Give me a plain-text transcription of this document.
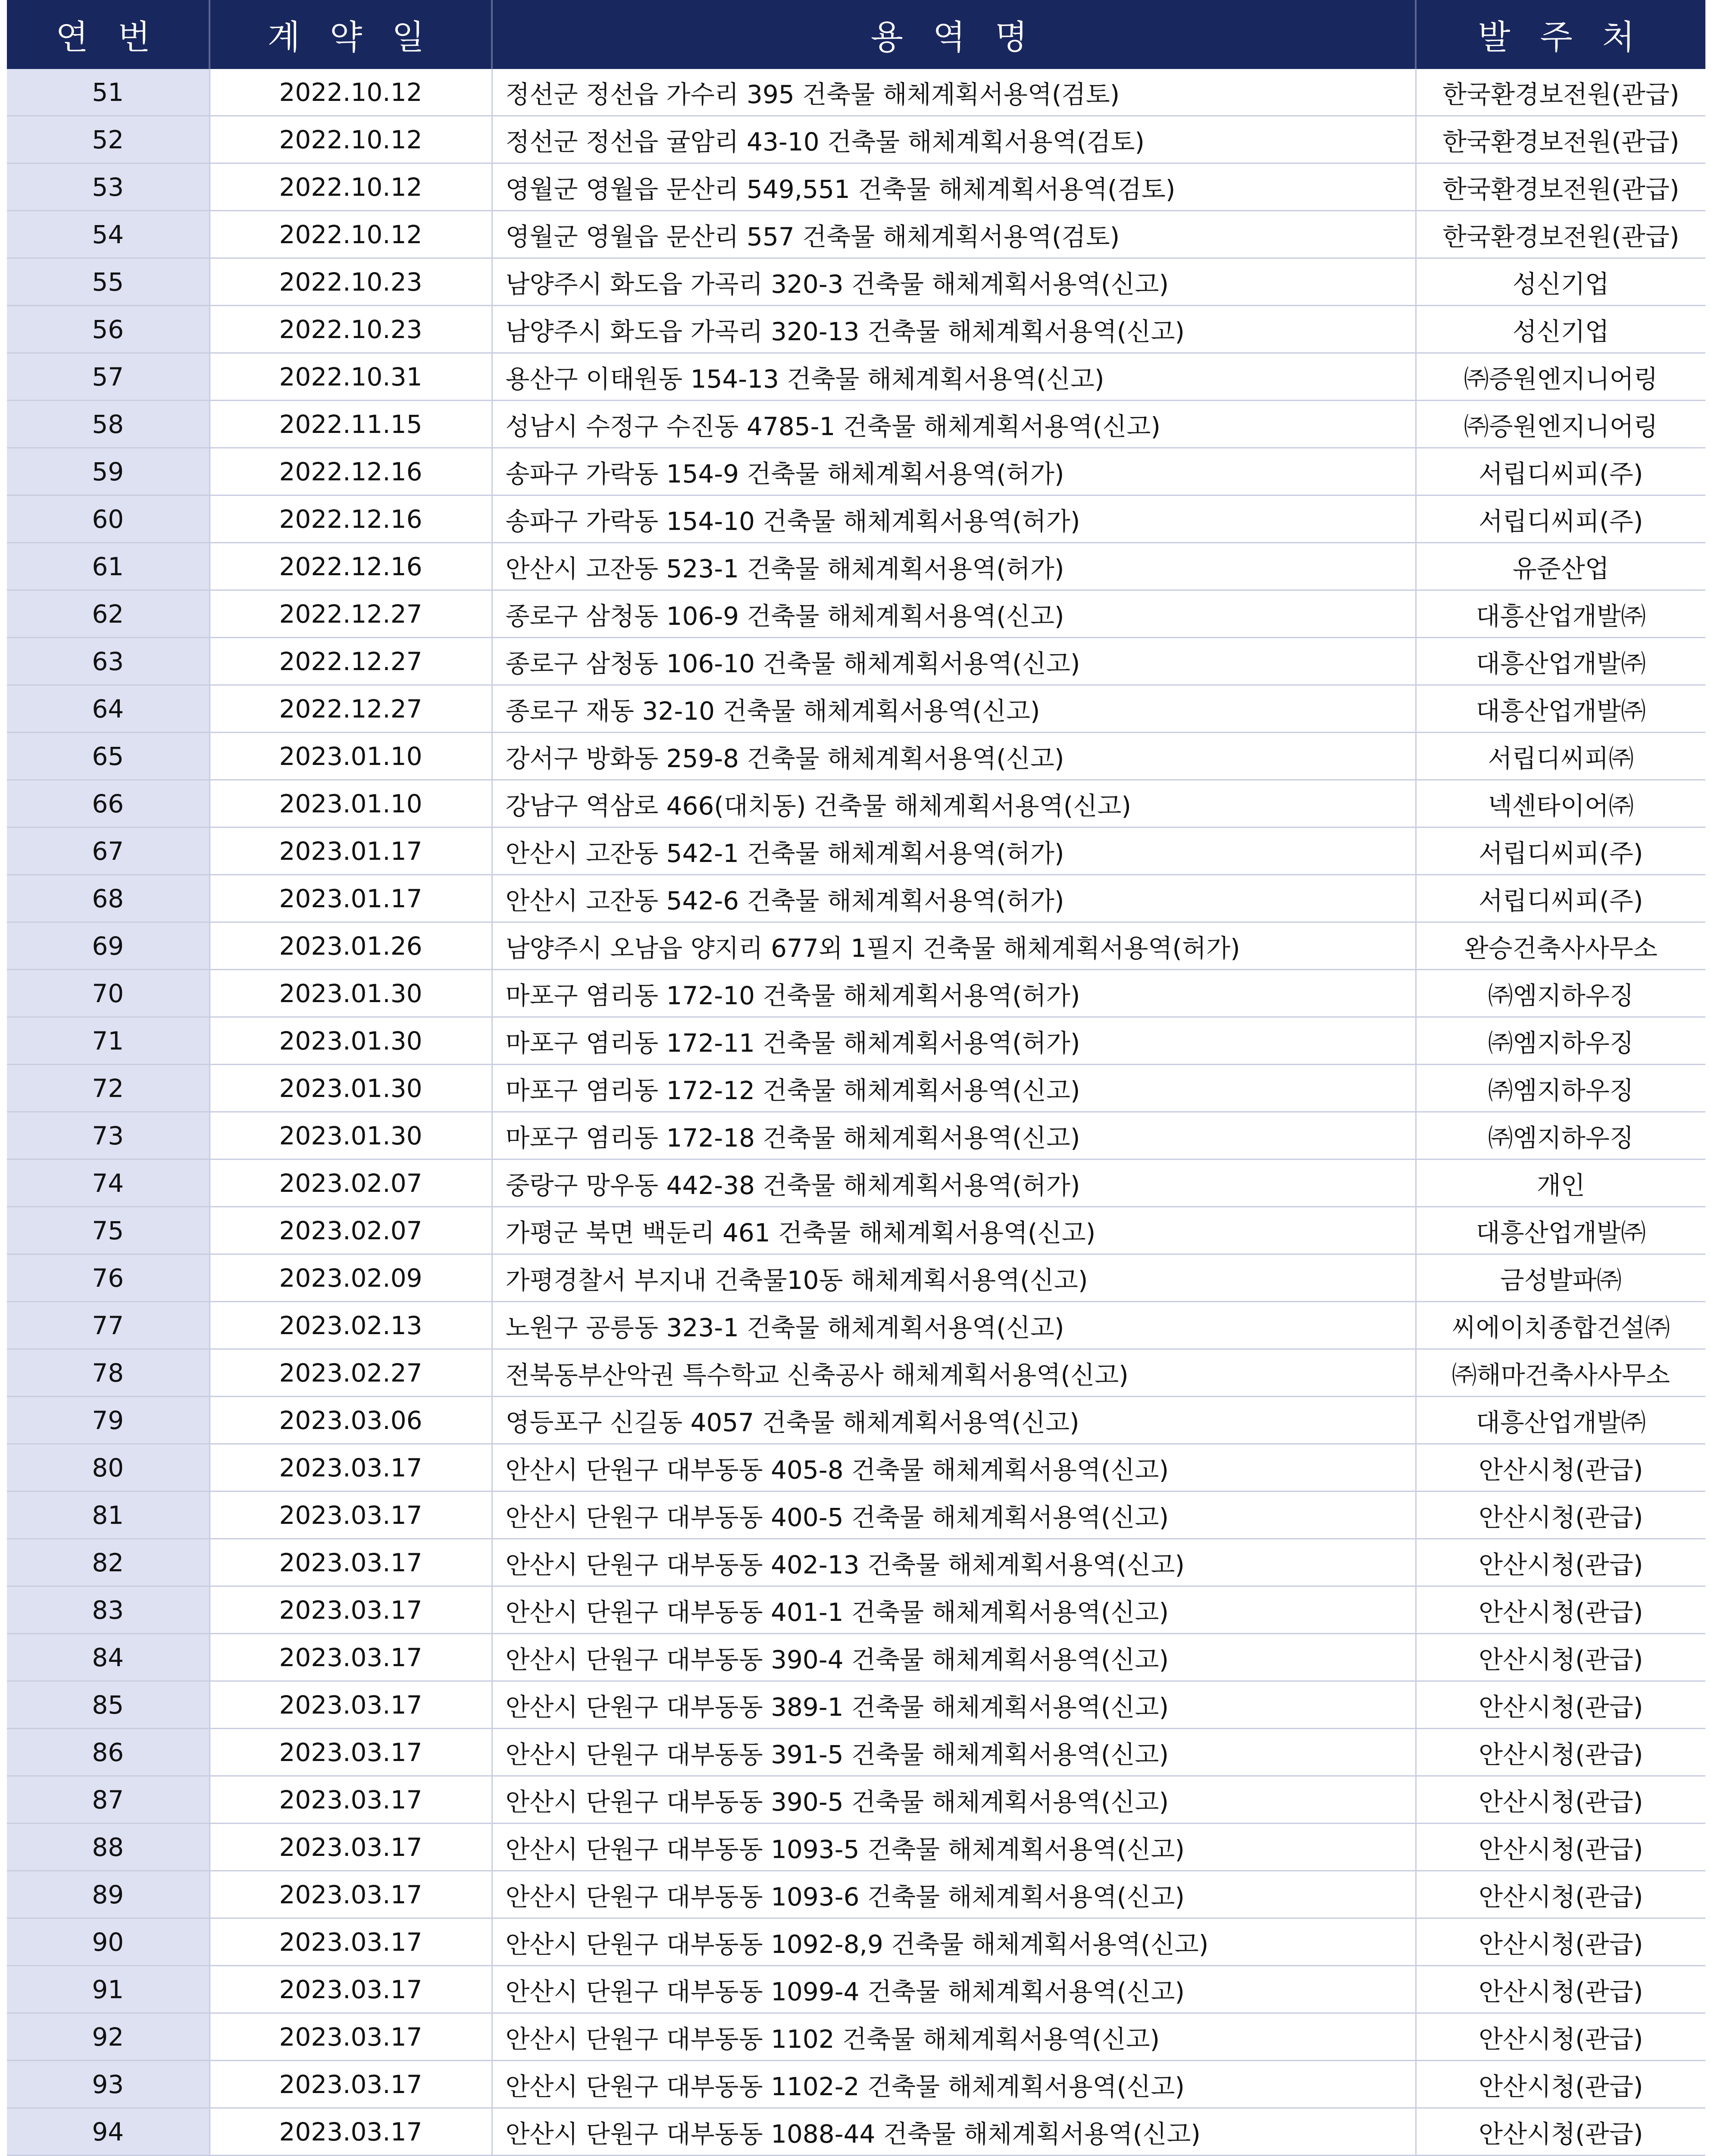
연 번	계 약 일	용 역 명	발 주 처
51	2022.10.12	정선군 정선읍 가수리 395 건축물 해체계획서용역(검토)	한국환경보전원(관급)
52	2022.10.12	정선군 정선읍 귤암리 43-10 건축물 해체계획서용역(검토)	한국환경보전원(관급)
53	2022.10.12	영월군 영월읍 문산리 549,551 건축물 해체계획서용역(검토)	한국환경보전원(관급)
54	2022.10.12	영월군 영월읍 문산리 557 건축물 해체계획서용역(검토)	한국환경보전원(관급)
55	2022.10.23	남양주시 화도읍 가곡리 320-3 건축물 해체계획서용역(신고)	성신기업
56	2022.10.23	남양주시 화도읍 가곡리 320-13 건축물 해체계획서용역(신고)	성신기업
57	2022.10.31	용산구 이태원동 154-13 건축물 해체계획서용역(신고)	㈜증원엔지니어링
58	2022.11.15	성남시 수정구 수진동 4785-1 건축물 해체계획서용역(신고)	㈜증원엔지니어링
59	2022.12.16	송파구 가락동 154-9 건축물 해체계획서용역(허가)	서립디씨피(주)
60	2022.12.16	송파구 가락동 154-10 건축물 해체계획서용역(허가)	서립디씨피(주)
61	2022.12.16	안산시 고잔동 523-1 건축물 해체계획서용역(허가)	유준산업
62	2022.12.27	종로구 삼청동 106-9 건축물 해체계획서용역(신고)	대흥산업개발㈜
63	2022.12.27	종로구 삼청동 106-10 건축물 해체계획서용역(신고)	대흥산업개발㈜
64	2022.12.27	종로구 재동 32-10 건축물 해체계획서용역(신고)	대흥산업개발㈜
65	2023.01.10	강서구 방화동 259-8 건축물 해체계획서용역(신고)	서립디씨피㈜
66	2023.01.10	강남구 역삼로 466(대치동) 건축물 해체계획서용역(신고)	넥센타이어㈜
67	2023.01.17	안산시 고잔동 542-1 건축물 해체계획서용역(허가)	서립디씨피(주)
68	2023.01.17	안산시 고잔동 542-6 건축물 해체계획서용역(허가)	서립디씨피(주)
69	2023.01.26	남양주시 오남읍 양지리 677외 1필지 건축물 해체계획서용역(허가)	완승건축사사무소
70	2023.01.30	마포구 염리동 172-10 건축물 해체계획서용역(허가)	㈜엠지하우징
71	2023.01.30	마포구 염리동 172-11 건축물 해체계획서용역(허가)	㈜엠지하우징
72	2023.01.30	마포구 염리동 172-12 건축물 해체계획서용역(신고)	㈜엠지하우징
73	2023.01.30	마포구 염리동 172-18 건축물 해체계획서용역(신고)	㈜엠지하우징
74	2023.02.07	중랑구 망우동 442-38 건축물 해체계획서용역(허가)	개인
75	2023.02.07	가평군 북면 백둔리 461 건축물 해체계획서용역(신고)	대흥산업개발㈜
76	2023.02.09	가평경찰서 부지내 건축물10동 해체계획서용역(신고)	금성발파㈜
77	2023.02.13	노원구 공릉동 323-1 건축물 해체계획서용역(신고)	씨에이치종합건설㈜
78	2023.02.27	전북동부산악권 특수학교 신축공사 해체계획서용역(신고)	㈜해마건축사사무소
79	2023.03.06	영등포구 신길동 4057 건축물 해체계획서용역(신고)	대흥산업개발㈜
80	2023.03.17	안산시 단원구 대부동동 405-8 건축물 해체계획서용역(신고)	안산시청(관급)
81	2023.03.17	안산시 단원구 대부동동 400-5 건축물 해체계획서용역(신고)	안산시청(관급)
82	2023.03.17	안산시 단원구 대부동동 402-13 건축물 해체계획서용역(신고)	안산시청(관급)
83	2023.03.17	안산시 단원구 대부동동 401-1 건축물 해체계획서용역(신고)	안산시청(관급)
84	2023.03.17	안산시 단원구 대부동동 390-4 건축물 해체계획서용역(신고)	안산시청(관급)
85	2023.03.17	안산시 단원구 대부동동 389-1 건축물 해체계획서용역(신고)	안산시청(관급)
86	2023.03.17	안산시 단원구 대부동동 391-5 건축물 해체계획서용역(신고)	안산시청(관급)
87	2023.03.17	안산시 단원구 대부동동 390-5 건축물 해체계획서용역(신고)	안산시청(관급)
88	2023.03.17	안산시 단원구 대부동동 1093-5 건축물 해체계획서용역(신고)	안산시청(관급)
89	2023.03.17	안산시 단원구 대부동동 1093-6 건축물 해체계획서용역(신고)	안산시청(관급)
90	2023.03.17	안산시 단원구 대부동동 1092-8,9 건축물 해체계획서용역(신고)	안산시청(관급)
91	2023.03.17	안산시 단원구 대부동동 1099-4 건축물 해체계획서용역(신고)	안산시청(관급)
92	2023.03.17	안산시 단원구 대부동동 1102 건축물 해체계획서용역(신고)	안산시청(관급)
93	2023.03.17	안산시 단원구 대부동동 1102-2 건축물 해체계획서용역(신고)	안산시청(관급)
94	2023.03.17	안산시 단원구 대부동동 1088-44 건축물 해체계획서용역(신고)	안산시청(관급)
